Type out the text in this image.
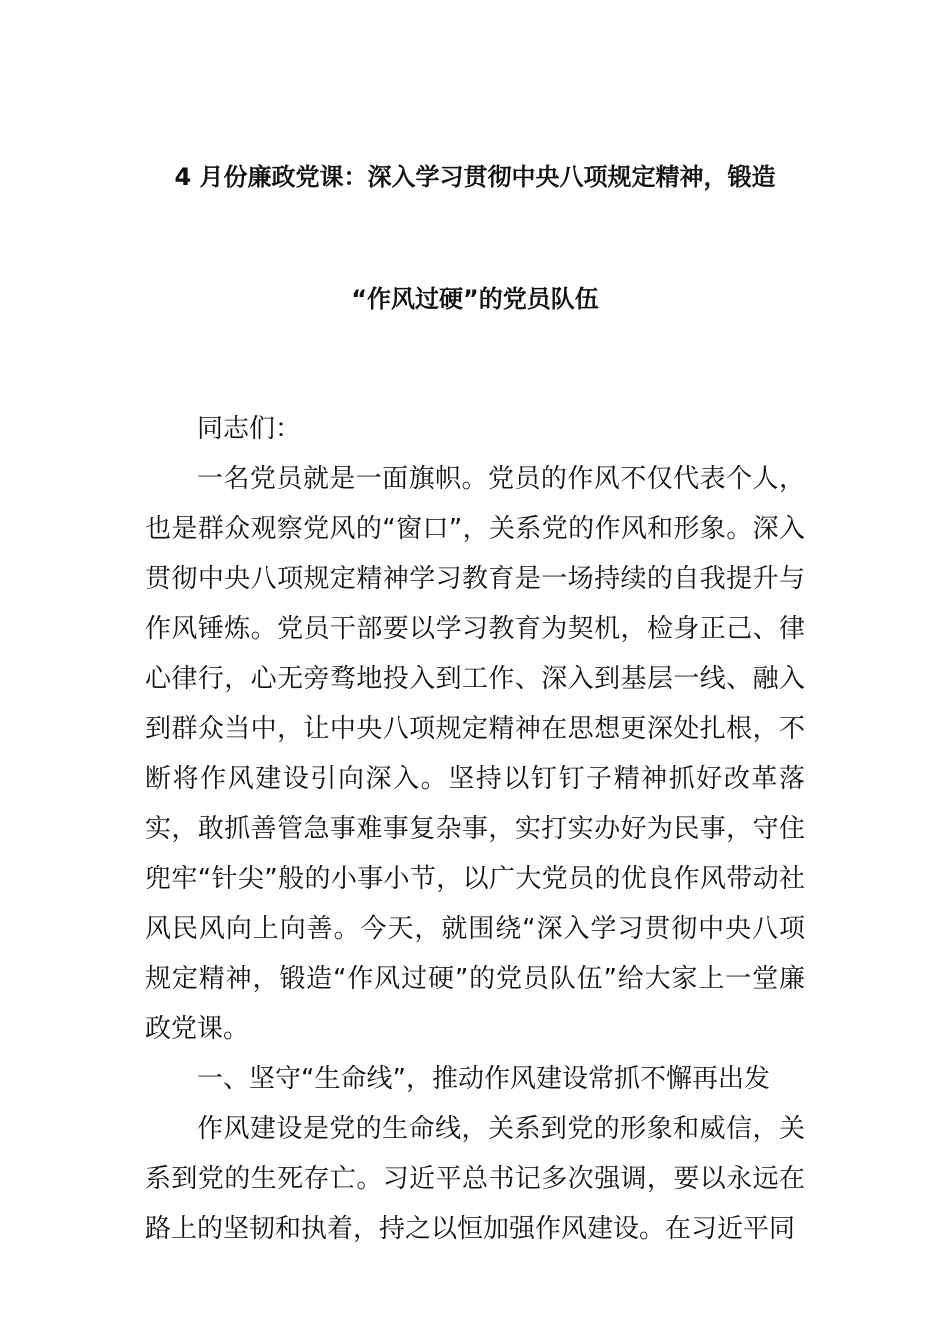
4 月份廉政党课：深入学习贯彻中央八项规定精神，锻造
“作风过硬”的党员队伍

同志们：

一名党员就是一面旗帜。党员的作风不仅代表个人，也是群众观察党风的“窗口”，关系党的作风和形象。深入贯彻中央八项规定精神学习教育是一场持续的自我提升与作风锤炼。党员干部要以学习教育为契机，检身正己、律心律行，心无旁骛地投入到工作、深入到基层一线、融入到群众当中，让中央八项规定精神在思想更深处扎根，不断将作风建设引向深入。坚持以钉钉子精神抓好改革落实，敢抓善管急事难事复杂事，实打实办好为民事，守住兜牢“针尖”般的小事小节，以广大党员的优良作风带动社风民风向上向善。今天，就围绕“深入学习贯彻中央八项规定精神，锻造“作风过硬”的党员队伍”给大家上一堂廉政党课。

一、坚守“生命线”，推动作风建设常抓不懈再出发

作风建设是党的生命线，关系到党的形象和威信，关系到党的生死存亡。习近平总书记多次强调，要以永远在路上的坚韧和执着，持之以恒加强作风建设。在习近平同
